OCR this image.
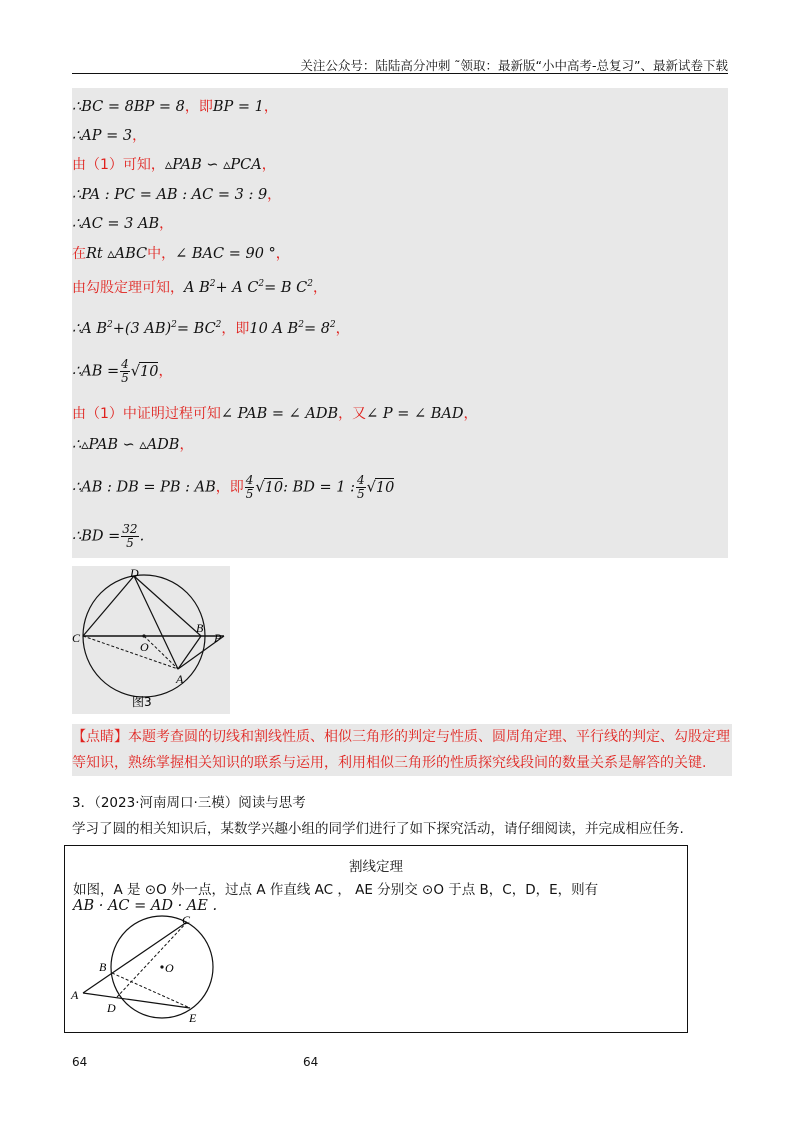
关注公众号：陆陆高分冲刺 ˜领取：最新版“小中高考-总复习”、最新试卷下载
∴BC = 8BP = 8，即BP = 1，
∴AP = 3，
由（1）可知，▵PAB ∽ ▵PCA，
∴PA : PC = AB : AC = 3 : 9，
∴AC = 3 AB，
在Rt ▵ABC中，∠ BAC = 90 °，
由勾股定理可知，A $B^2+ A$ $C^2= B$ $C^2$，
∴A $B^2+(3$ $AB)^2= BC^2$，即10 A $B^2= 8^2$，
∴AB = $\frac{4}{5} √10$，
由（1）中证明过程可知∠ PAB = ∠ ADB，又∠ P = ∠ BAD，
∴▵PAB ∽ ▵ADB，
∴AB : DB = PB : AB，即 $\frac{4}{5} √10$: BD = 1 : $\frac{4}{5} √10$
∴BD = $\frac{32}{5}$ .
D
B
P
C
O
A
图3
【点睛】本题考查圆的切线和割线性质、相似三角形的判定与性质、圆周角定理、平行线的判定、勾股定理等知识，熟练掌握相关知识的联系与运用，利用相似三角形的性质探究线段间的数量关系是解答的关键.
3．（2023·河南周口·三模）阅读与思考
学习了圆的相关知识后，某数学兴趣小组的同学们进行了如下探究活动，请仔细阅读，并完成相应任务.
割线定理
如图，A 是 ⊙O 外一点，过点 A 作直线 AC ， AE 分别交 ⊙O 于点 B，C，D，E，则有
AB · AC = AD · AE .
C
B	O
A
D
E
64	64
